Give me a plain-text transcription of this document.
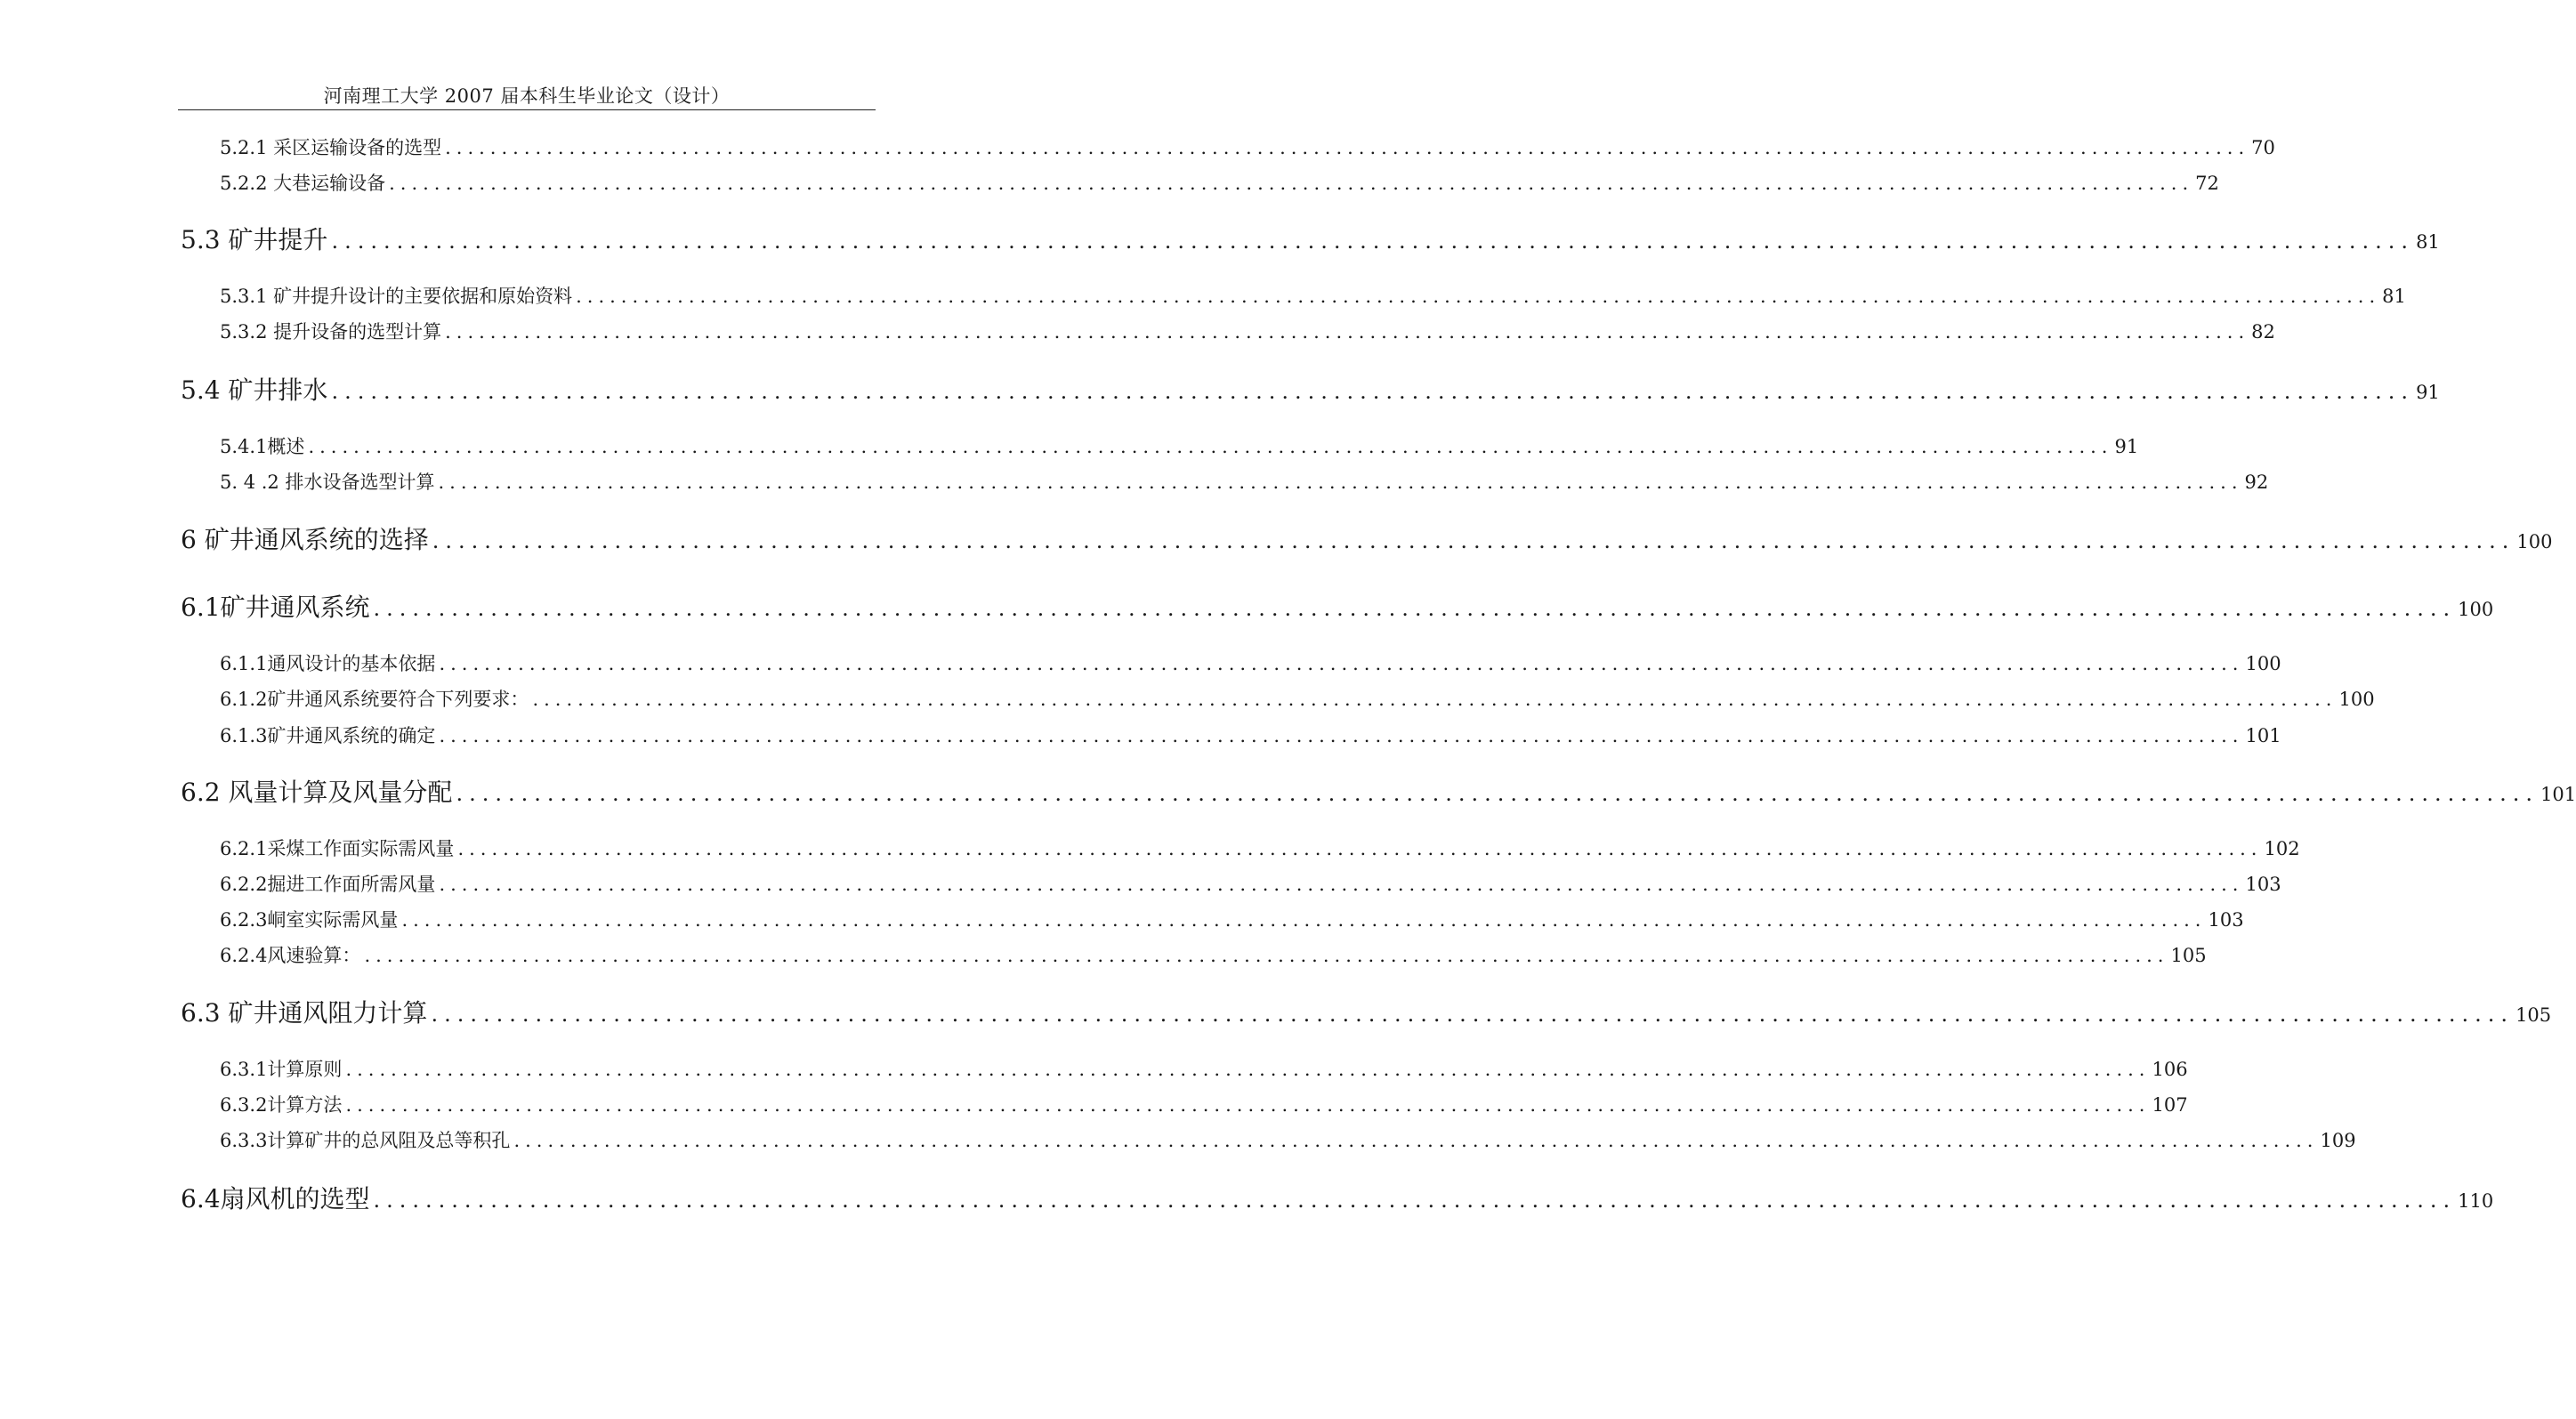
河南理工大学 2007 届本科生毕业论文（设计）
5.2.1 采区运输设备的选型 ................................................................................................................................................................ 70
5.2.2 大巷运输设备 ................................................................................................................................................................ 72
5.3 矿井提升 ................................................................................................................................................................ 81
5.3.1 矿井提升设计的主要依据和原始资料 ................................................................................................................................................................ 81
5.3.2 提升设备的选型计算 ................................................................................................................................................................ 82
5.4 矿井排水 ................................................................................................................................................................ 91
5.4.1概述 ................................................................................................................................................................ 91
5. 4 .2 排水设备选型计算 ................................................................................................................................................................ 92
6 矿井通风系统的选择 ................................................................................................................................................................ 100
6.1矿井通风系统 ................................................................................................................................................................ 100
6.1.1通风设计的基本依据 ................................................................................................................................................................ 100
6.1.2矿井通风系统要符合下列要求： ................................................................................................................................................................ 100
6.1.3矿井通风系统的确定 ................................................................................................................................................................ 101
6.2 风量计算及风量分配 ................................................................................................................................................................ 101
6.2.1采煤工作面实际需风量 ................................................................................................................................................................ 102
6.2.2掘进工作面所需风量 ................................................................................................................................................................ 103
6.2.3峒室实际需风量 ................................................................................................................................................................ 103
6.2.4风速验算： ................................................................................................................................................................ 105
6.3 矿井通风阻力计算 ................................................................................................................................................................ 105
6.3.1计算原则 ................................................................................................................................................................ 106
6.3.2计算方法 ................................................................................................................................................................ 107
6.3.3计算矿井的总风阻及总等积孔 ................................................................................................................................................................ 109
6.4扇风机的选型 ................................................................................................................................................................ 110
